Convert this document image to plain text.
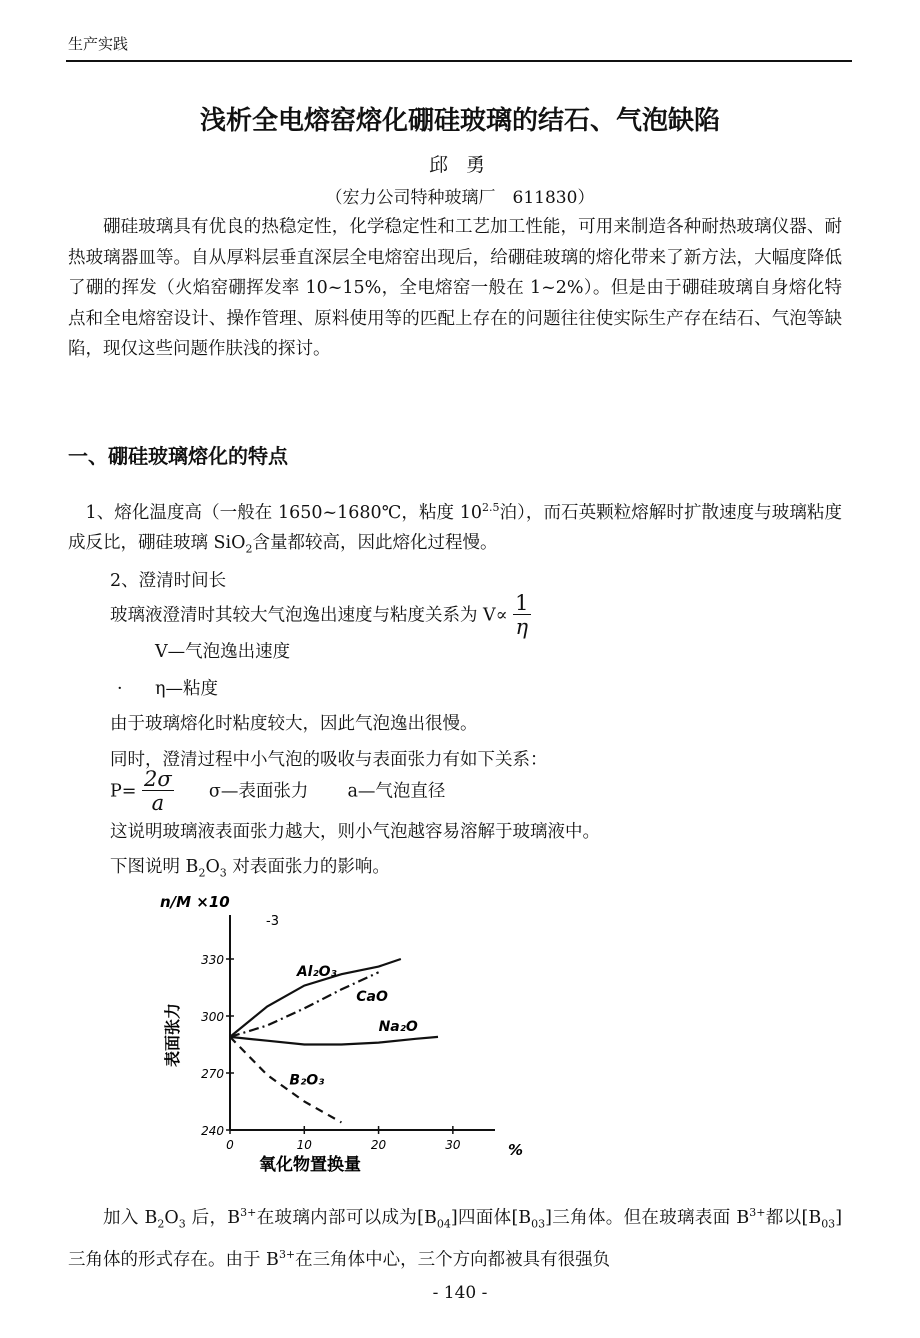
生产实践
浅析全电熔窑熔化硼硅玻璃的结石、气泡缺陷
邱 勇
（宏力公司特种玻璃厂　611830）
硼硅玻璃具有优良的热稳定性，化学稳定性和工艺加工性能，可用来制造各种耐热玻璃仪器、耐热玻璃器皿等。自从厚料层垂直深层全电熔窑出现后，给硼硅玻璃的熔化带来了新方法，大幅度降低了硼的挥发（火焰窑硼挥发率 10~15%，全电熔窑一般在 1~2%）。但是由于硼硅玻璃自身熔化特点和全电熔窑设计、操作管理、原料使用等的匹配上存在的问题往往使实际生产存在结石、气泡等缺陷，现仅这些问题作肤浅的探讨。
一、硼硅玻璃熔化的特点
1、熔化温度高（一般在 1650~1680℃，粘度 $10^{2.5}$泊），而石英颗粒熔解时扩散速度与玻璃粘度成反比，硼硅玻璃 SiO$_2$含量都较高，因此熔化过程慢。
2、澄清时间长
玻璃液澄清时其较大气泡逸出速度与粘度关系为 $V\propto \frac{1}{\eta}$
V—气泡逸出速度
· η—粘度
由于玻璃熔化时粘度较大，因此气泡逸出很慢。
同时，澄清过程中小气泡的吸收与表面张力有如下关系：
$P= \frac{2\sigma}{a}$ σ—表面张力 a—气泡直径
这说明玻璃液表面张力越大，则小气泡越容易溶解于玻璃液中。
下图说明 $B_2O_3$ 对表面张力的影响。
240
270
300
330
0	10	20	30
Al₂O₃
CaO
Na₂O
B₂O₃
n/M ×10
-3
表面张力
氧化物置换量
%
加入 $B_2O_3$ 后，$B^{3+}$在玻璃内部可以成为$[B_{04}]$四面体$[B_{03}]$三角体。但在玻璃表面 $B^{3+}$都以$[B_{03}]$三角体的形式存在。由于 $B^{3+}$在三角体中心，三个方向都被具有很强负
- 140 -
